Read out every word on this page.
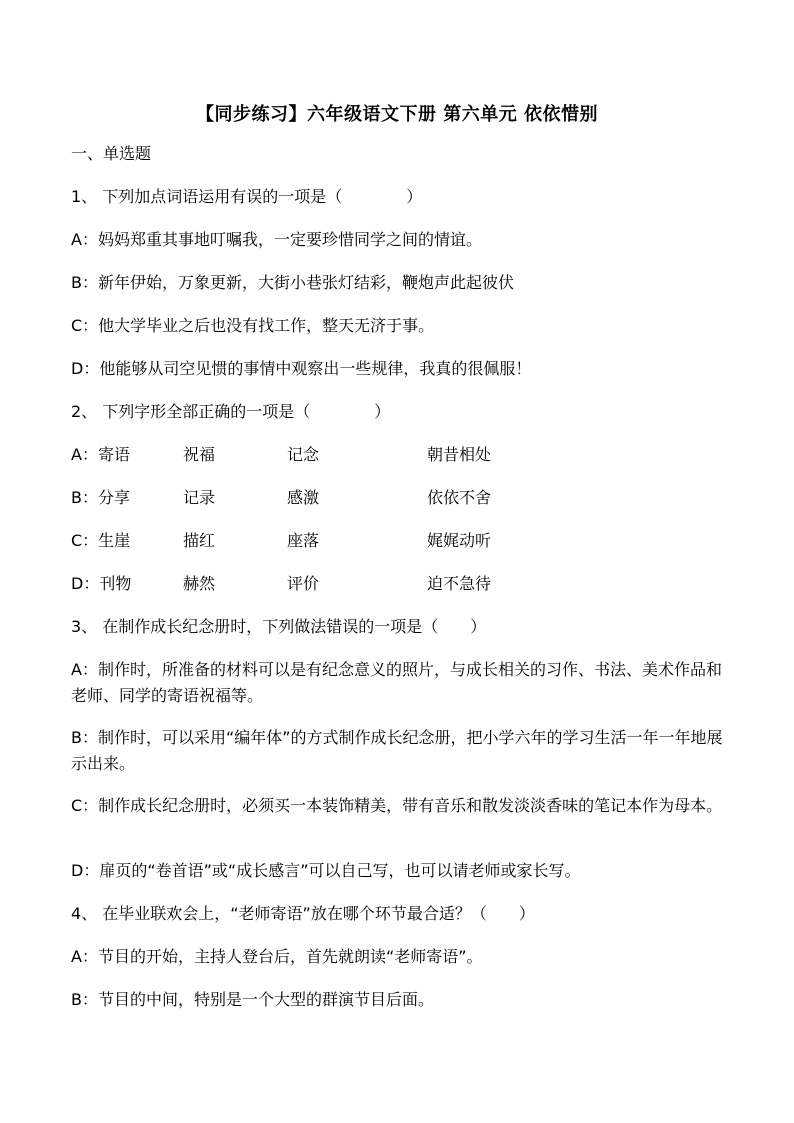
【同步练习】六年级语文下册 第六单元 依依惜别
一、单选题
1、 下列加点词语运用有误的一项是（　　　　）
A：妈妈郑重其事地叮嘱我，一定要珍惜同学之间的情谊。
B：新年伊始，万象更新，大街小巷张灯结彩，鞭炮声此起彼伏
C：他大学毕业之后也没有找工作，整天无济于事。
D：他能够从司空见惯的事情中观察出一些规律，我真的很佩服！
2、 下列字形全部正确的一项是（　　　　）
A：寄语	祝福	记念	朝昔相处
B：分享	记录	感激	依依不舍
C：生崖	描红	座落	娓娓动听
D：刊物	赫然	评价	迫不急待
3、 在制作成长纪念册时，下列做法错误的一项是（　　）
A：制作时，所准备的材料可以是有纪念意义的照片，与成长相关的习作、书法、美术作品和老师、同学的寄语祝福等。
B：制作时，可以采用“编年体”的方式制作成长纪念册，把小学六年的学习生活一年一年地展示出来。
C：制作成长纪念册时，必须买一本装饰精美，带有音乐和散发淡淡香味的笔记本作为母本。
D：扉页的“卷首语”或“成长感言”可以自己写，也可以请老师或家长写。
4、 在毕业联欢会上，“老师寄语”放在哪个环节最合适？（　　）
A：节目的开始，主持人登台后，首先就朗读“老师寄语”。
B：节目的中间，特别是一个大型的群演节目后面。
